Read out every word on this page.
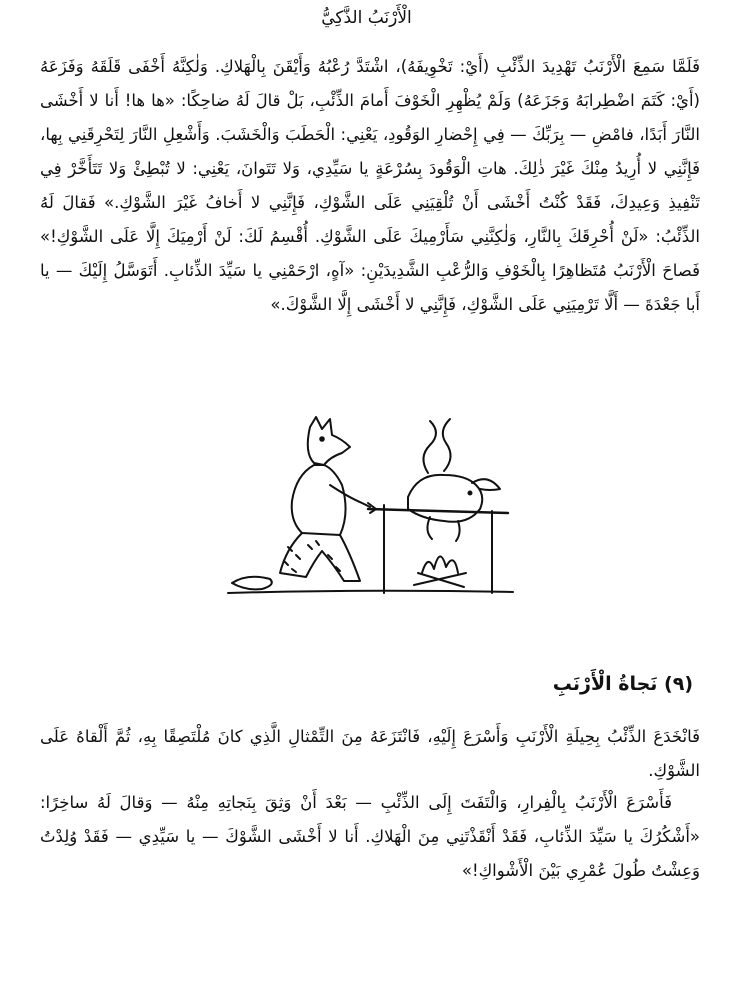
الْأَرْنَبُ الذَّكِيُّ

فَلَمَّا سَمِعَ الْأَرْنَبُ تَهْدِيدَ الذِّئْبِ (أَيْ: تَخْوِيفَهُ)، اشْتَدَّ رُعْبُهُ وَأَيْقَنَ بِالْهَلاكِ. وَلٰكِنَّهُ أَخْفَى قَلَقَهُ وَفَزَعَهُ (أَيْ: كَتَمَ اضْطِرابَهُ وَجَزَعَهُ) وَلَمْ يُظْهِرِ الْخَوْفَ أَمامَ الذِّئْبِ، بَلْ قالَ لَهُ ضاحِكًا: «ها ها! أَنا لا أَخْشَى النَّارَ أَبَدًا، فامْضِ — بِرَبِّكَ — فِي إِحْضارِ الوَقُودِ، يَعْنِي: الْحَطَبَ وَالْخَشَبَ. وَأَشْعِلِ النَّارَ لِتَحْرِقَنِي بِها، فَإِنَّنِي لا أُرِيدُ مِنْكَ غَيْرَ ذٰلِكَ. هاتِ الْوَقُودَ بِسُرْعَةٍ يا سَيِّدِي، وَلا تَتَوانَ، يَعْنِي: لا تُبْطِئْ وَلا تَتَأَخَّرْ فِي تَنْفِيذِ وَعِيدِكَ، فَقَدْ كُنْتُ أَخْشَى أَنْ تُلْقِيَنِي عَلَى الشَّوْكِ، فَإِنَّنِي لا أَخافُ غَيْرَ الشَّوْكِ.» فَقالَ لَهُ الذِّئْبُ: «لَنْ أُحْرِقَكَ بِالنَّارِ، وَلٰكِنَّنِي سَأَرْمِيكَ عَلَى الشَّوْكِ. أُقْسِمُ لَكَ: لَنْ أَرْمِيَكَ إِلَّا عَلَى الشَّوْكِ!» فَصاحَ الْأَرْنَبُ مُتَظاهِرًا بِالْخَوْفِ وَالرُّعْبِ الشَّدِيدَيْنِ: «آهٍ، ارْحَمْنِي يا سَيِّدَ الذِّئابِ. أَتَوَسَّلُ إِلَيْكَ — يا أَبا جَعْدَةَ — أَلَّا تَرْمِيَنِي عَلَى الشَّوْكِ، فَإِنَّنِي لا أَخْشَى إِلَّا الشَّوْكَ.»

(٩) نَجاةُ الْأَرْنَبِ

فَانْخَدَعَ الذِّئْبُ بِحِيلَةِ الْأَرْنَبِ وَأَسْرَعَ إِلَيْهِ، فَانْتَزَعَهُ مِنَ التِّمْثالِ الَّذِي كانَ مُلْتَصِقًا بِهِ، ثُمَّ أَلْقاهُ عَلَى الشَّوْكِ.

فَأَسْرَعَ الْأَرْنَبُ بِالْفِرارِ، وَالْتَفَتَ إِلَى الذِّئْبِ — بَعْدَ أَنْ وَثِقَ بِنَجاتِهِ مِنْهُ — وَقالَ لَهُ ساخِرًا: «أَشْكُرُكَ يا سَيِّدَ الذِّئابِ، فَقَدْ أَنْقَذْتَنِي مِنَ الْهَلاكِ. أَنا لا أَخْشَى الشَّوْكَ — يا سَيِّدِي — فَقَدْ وُلِدْتُ وَعِشْتُ طُولَ عُمْرِي بَيْنَ الْأَشْواكِ!»
